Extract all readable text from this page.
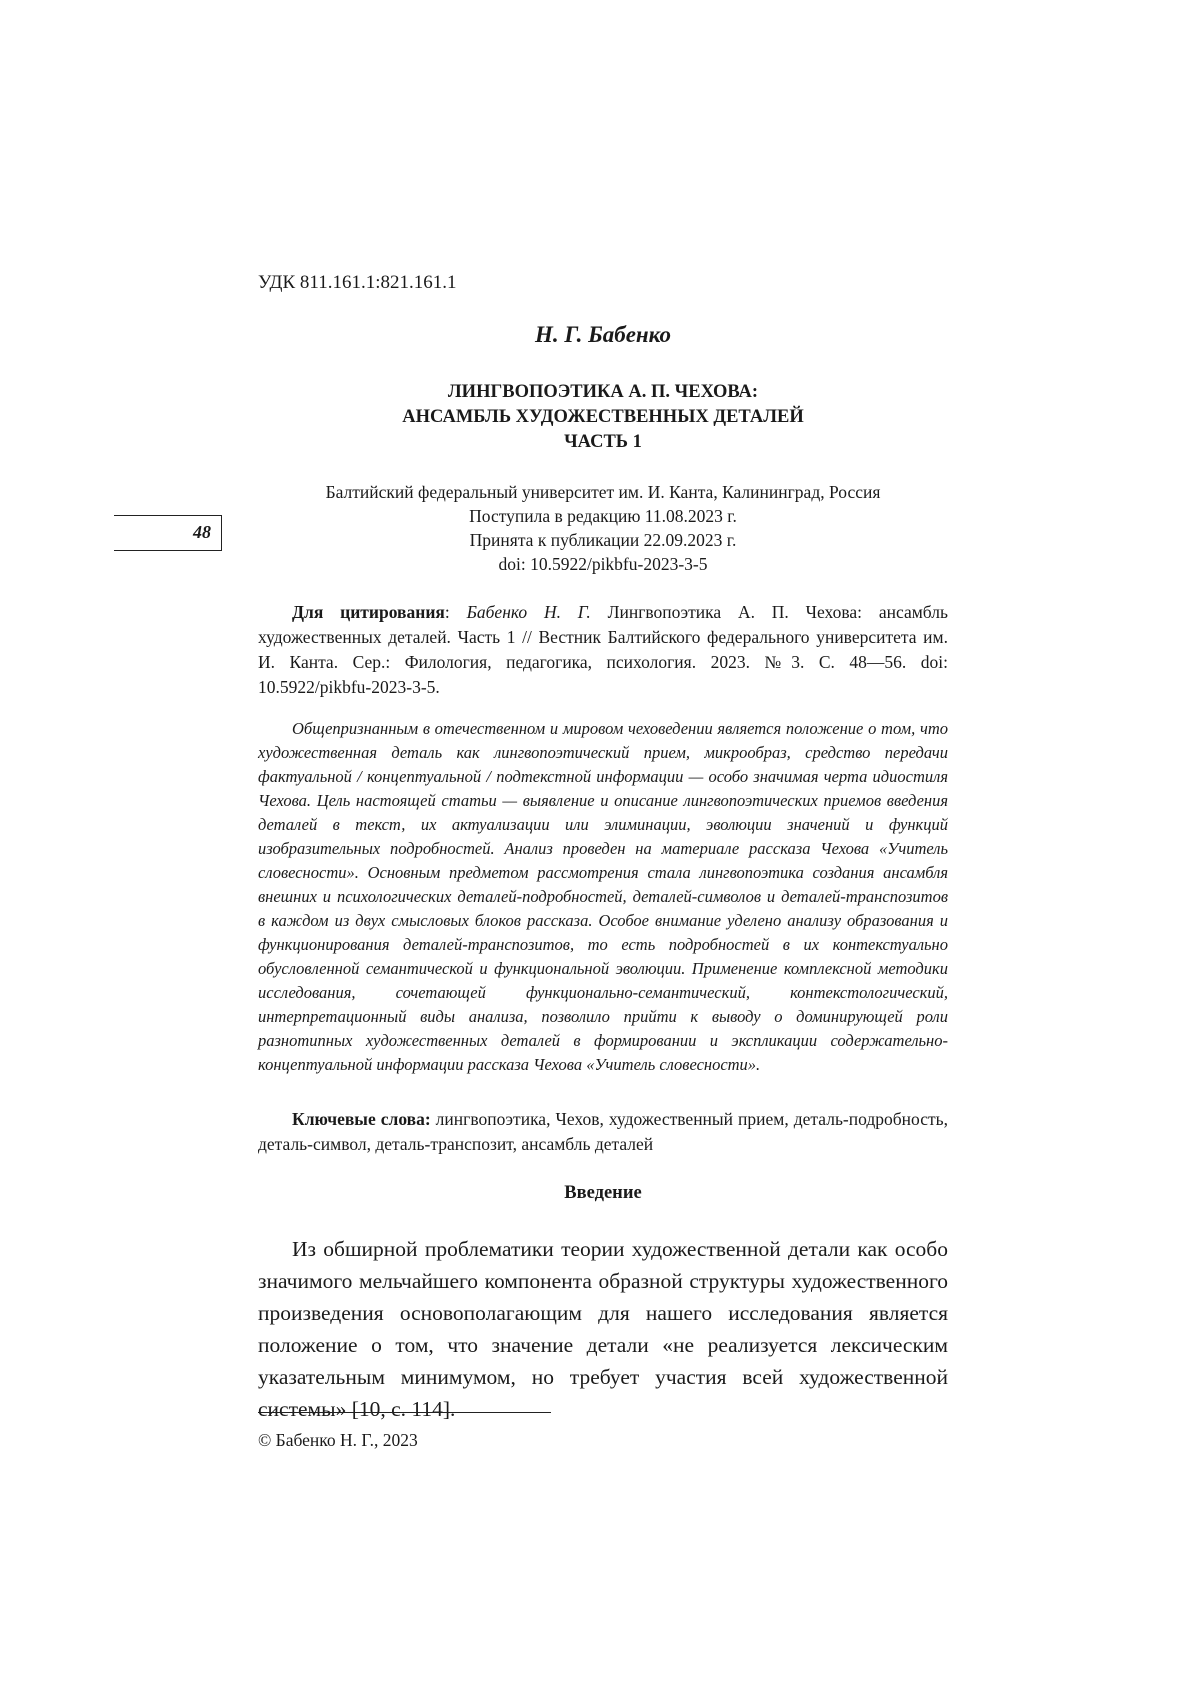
УДК 811.161.1:821.161.1
Н. Г. Бабенко
ЛИНГВОПОЭТИКА А. П. ЧЕХОВА:
АНСАМБЛЬ ХУДОЖЕСТВЕННЫХ ДЕТАЛЕЙ
ЧАСТЬ 1
Балтийский федеральный университет им. И. Канта, Калининград, Россия
Поступила в редакцию 11.08.2023 г.
Принята к публикации 22.09.2023 г.
doi: 10.5922/pikbfu-2023-3-5
48
Для цитирования: Бабенко Н. Г. Лингвопоэтика А. П. Чехова: ансамбль художественных деталей. Часть 1 // Вестник Балтийского федерального университета им. И. Канта. Сер.: Филология, педагогика, психология. 2023. №3. С. 48—56. doi: 10.5922/pikbfu-2023-3-5.
Общепризнанным в отечественном и мировом чеховедении является положение о том, что художественная деталь как лингвопоэтический прием, микрообраз, средство передачи фактуальной / концептуальной / подтекстной информации — особо значимая черта идиостиля Чехова. Цель настоящей статьи — выявление и описание лингвопоэтических приемов введения деталей в текст, их актуализации или элиминации, эволюции значений и функций изобразительных подробностей. Анализ проведен на материале рассказа Чехова «Учитель словесности». Основным предметом рассмотрения стала лингвопоэтика создания ансамбля внешних и психологических деталей-подробностей, деталей-символов и деталей-транспозитов в каждом из двух смысловых блоков рассказа. Особое внимание уделено анализу образования и функционирования деталей-транспозитов, то есть подробностей в их контекстуально обусловленной семантической и функциональной эволюции. Применение комплексной методики исследования, сочетающей функционально-семантический, контекстологический, интерпретационный виды анализа, позволило прийти к выводу о доминирующей роли разнотипных художественных деталей в формировании и экспликации содержательно-концептуальной информации рассказа Чехова «Учитель словесности».
Ключевые слова: лингвопоэтика, Чехов, художественный прием, деталь-подробность, деталь-символ, деталь-транспозит, ансамбль деталей
Введение
Из обширной проблематики теории художественной детали как особо значимого мельчайшего компонента образной структуры художественного произведения основополагающим для нашего исследования является положение о том, что значение детали «не реализуется лексическим указательным минимумом, но требует участия всей художественной системы» [10, с. 114].
© Бабенко Н. Г., 2023
